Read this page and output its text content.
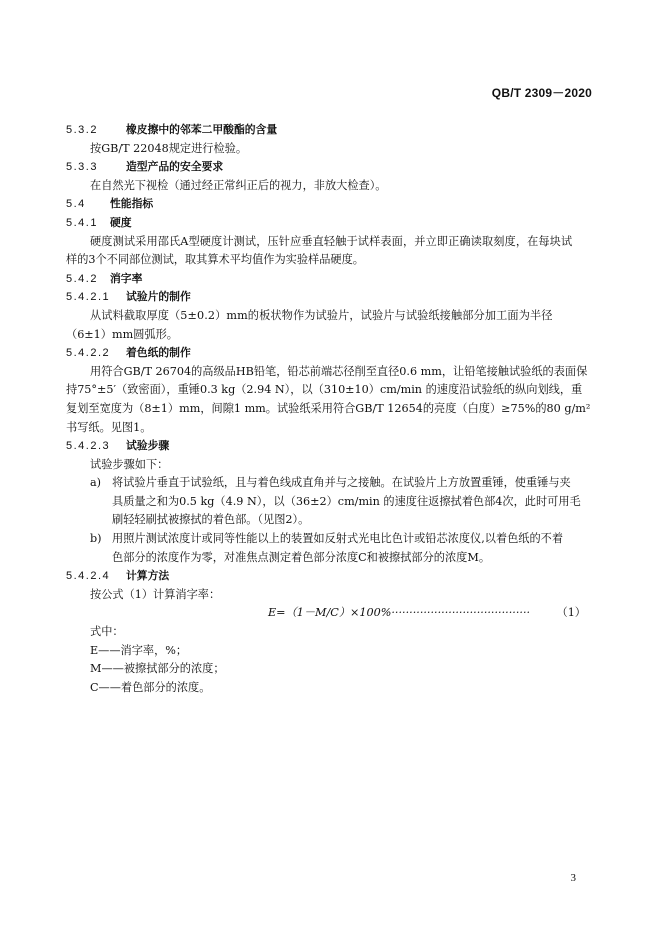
QB/T 2309－2020
5.3.2	橡皮擦中的邻苯二甲酸酯的含量
按GB/T 22048规定进行检验。
5.3.3	造型产品的安全要求
在自然光下视检（通过经正常纠正后的视力，非放大检查）。
5.4 性能指标
5.4.1 硬度
硬度测试采用邵氏A型硬度计测试，压针应垂直轻触于试样表面，并立即正确读取刻度，在每块试
样的3个不同部位测试，取其算术平均值作为实验样品硬度。
5.4.2 消字率
5.4.2.1 试验片的制作
从试料截取厚度（5±0.2）mm的板状物作为试验片，试验片与试验纸接触部分加工面为半径
（6±1）mm圆弧形。
5.4.2.2 着色纸的制作
用符合GB/T 26704的高级品HB铅笔，铅芯前端芯径削至直径0.6 mm，让铅笔接触试验纸的表面保
持75°±5′（致密面），重锤0.3 kg（2.94 N），以（310±10）cm/min 的速度沿试验纸的纵向划线，重
复划至宽度为（8±1）mm，间隙1 mm。试验纸采用符合GB/T 12654的亮度（白度）≥75%的80 g/m²
书写纸。见图1。
5.4.2.3 试验步骤
试验步骤如下：
a) 将试验片垂直于试验纸，且与着色线成直角并与之接触。在试验片上方放置重锤，使重锤与夹
具质量之和为0.5 kg（4.9 N），以（36±2）cm/min 的速度往返擦拭着色部4次，此时可用毛
刷轻轻刷拭被擦拭的着色部。（见图2）。
b) 用照片测试浓度计或同等性能以上的装置如反射式光电比色计或铅芯浓度仪,以着色纸的不着
色部分的浓度作为零，对准焦点测定着色部分浓度C和被擦拭部分的浓度M。
5.4.2.4 计算方法
按公式（1）计算消字率：
E=（1－M/C）×100%······································· （1）
式中：
E——消字率，%；
M——被擦拭部分的浓度；
C——着色部分的浓度。
3
